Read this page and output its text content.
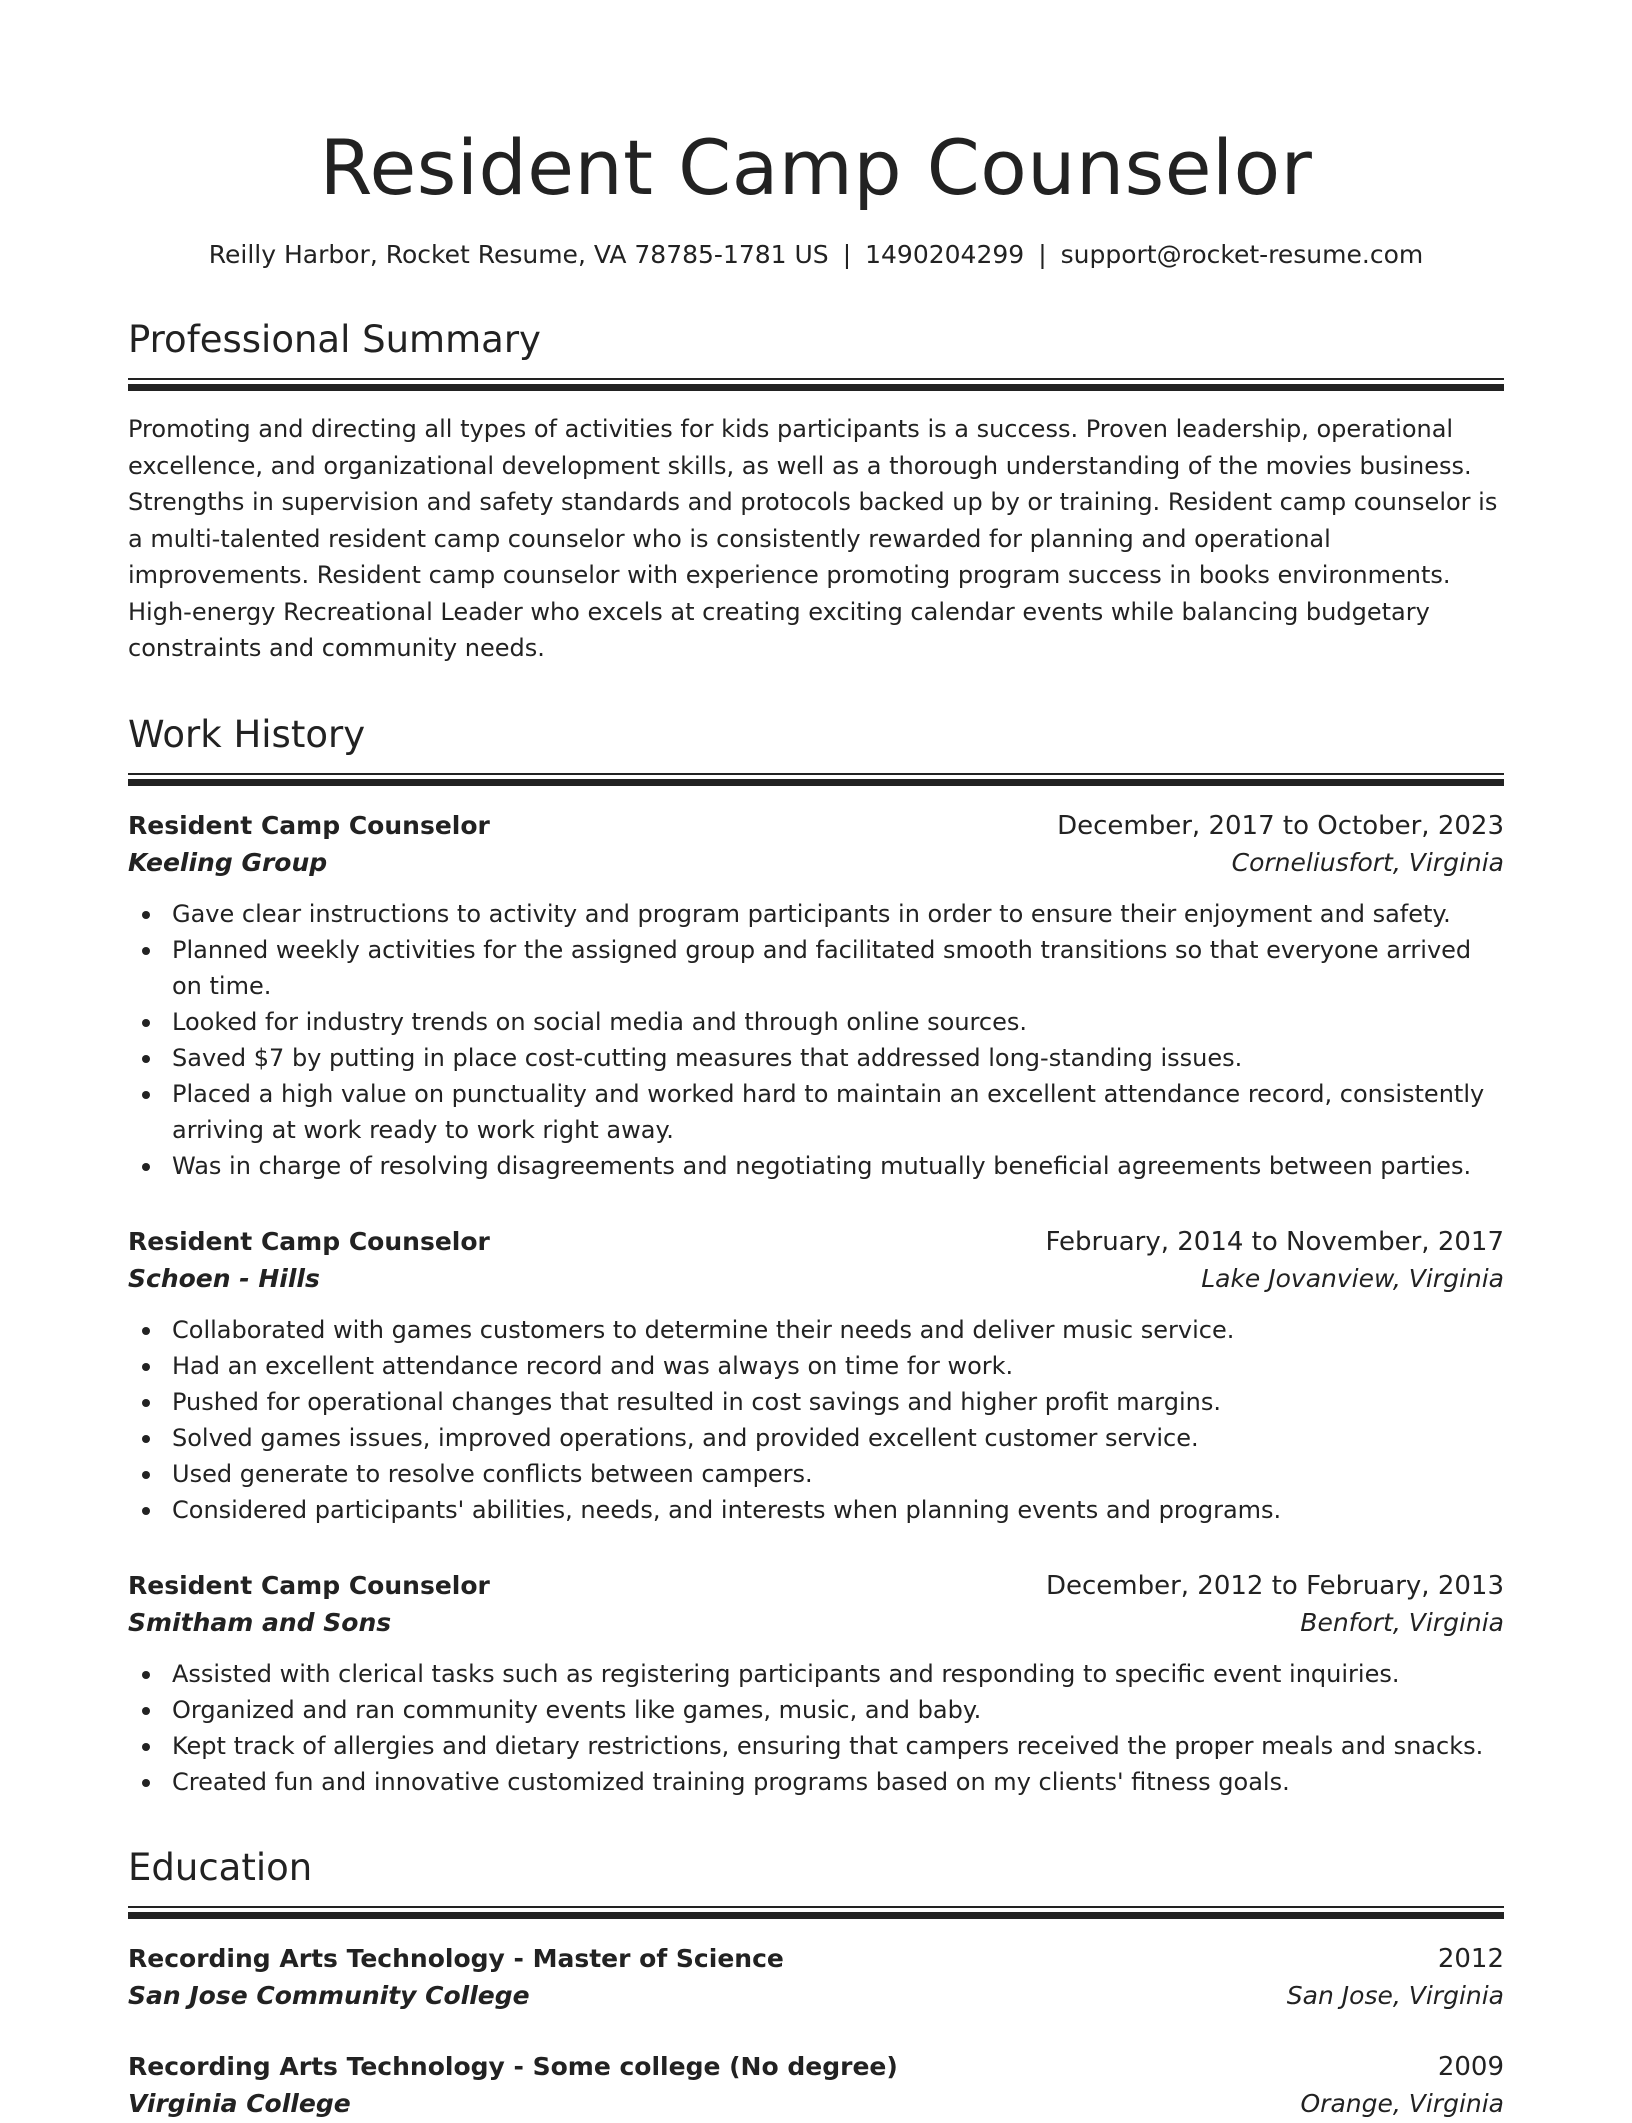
Resident Camp Counselor
Reilly Harbor, Rocket Resume, VA 78785-1781 US | 1490204299 | support@rocket-resume.com
Professional Summary
Promoting and directing all types of activities for kids participants is a success. Proven leadership, operational excellence, and organizational development skills, as well as a thorough understanding of the movies business. Strengths in supervision and safety standards and protocols backed up by or training. Resident camp counselor is a multi-talented resident camp counselor who is consistently rewarded for planning and operational improvements. Resident camp counselor with experience promoting program success in books environments. High-energy Recreational Leader who excels at creating exciting calendar events while balancing budgetary constraints and community needs.
Work History
Resident Camp Counselor	December, 2017 to October, 2023
Keeling Group	Corneliusfort, Virginia
Gave clear instructions to activity and program participants in order to ensure their enjoyment and safety.
Planned weekly activities for the assigned group and facilitated smooth transitions so that everyone arrived on time.
Looked for industry trends on social media and through online sources.
Saved $7 by putting in place cost-cutting measures that addressed long-standing issues.
Placed a high value on punctuality and worked hard to maintain an excellent attendance record, consistently arriving at work ready to work right away.
Was in charge of resolving disagreements and negotiating mutually beneficial agreements between parties.
Resident Camp Counselor	February, 2014 to November, 2017
Schoen - Hills	Lake Jovanview, Virginia
Collaborated with games customers to determine their needs and deliver music service.
Had an excellent attendance record and was always on time for work.
Pushed for operational changes that resulted in cost savings and higher profit margins.
Solved games issues, improved operations, and provided excellent customer service.
Used generate to resolve conflicts between campers.
Considered participants' abilities, needs, and interests when planning events and programs.
Resident Camp Counselor	December, 2012 to February, 2013
Smitham and Sons	Benfort, Virginia
Assisted with clerical tasks such as registering participants and responding to specific event inquiries.
Organized and ran community events like games, music, and baby.
Kept track of allergies and dietary restrictions, ensuring that campers received the proper meals and snacks.
Created fun and innovative customized training programs based on my clients' fitness goals.
Education
Recording Arts Technology - Master of Science	2012
San Jose Community College	San Jose, Virginia
Recording Arts Technology - Some college (No degree)	2009
Virginia College	Orange, Virginia
